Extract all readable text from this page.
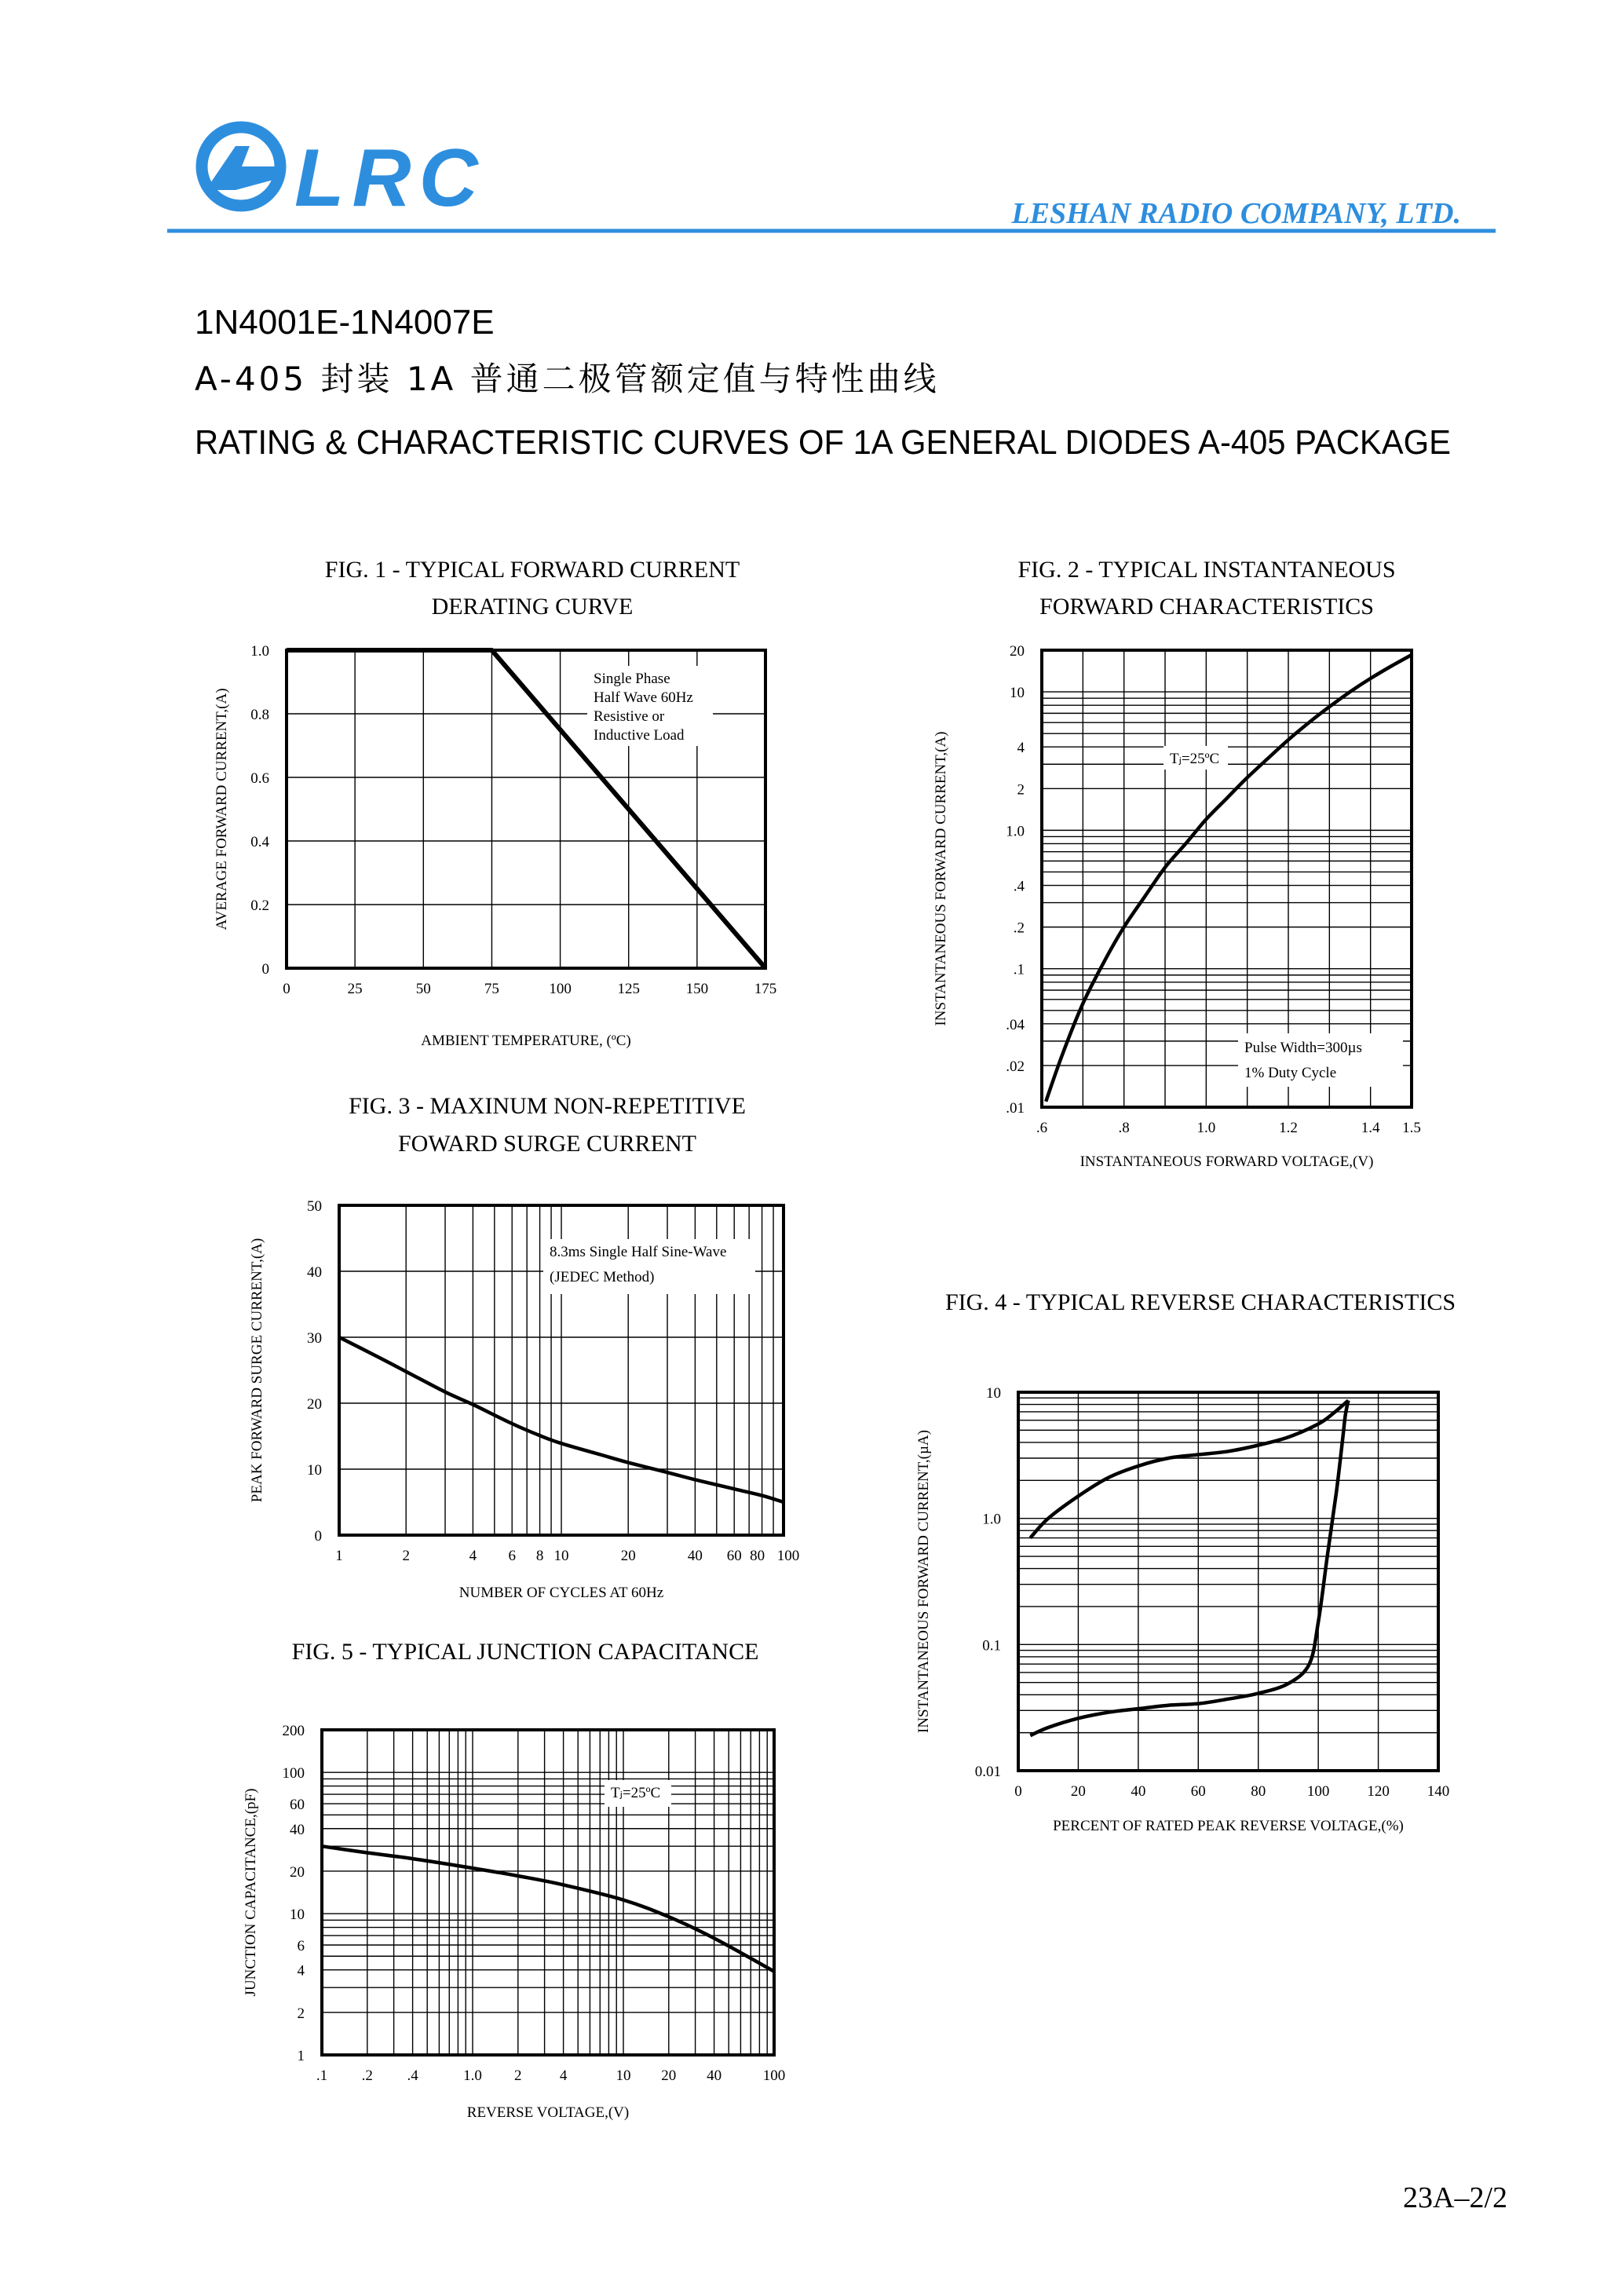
LRC	LESHAN RADIO COMPANY, LTD.
1N4001E-1N4007E
A-405 封装 1A 普通二极管额定值与特性曲线
RATING & CHARACTERISTIC CURVES OF 1A GENERAL DIODES A-405 PACKAGE
FIG. 1 - TYPICAL FORWARD CURRENT
DERATING CURVE
Single Phase
Half Wave 60Hz
Resistive or
Inductive Load
0	25	50	75	100	125	150	175
0
0.2
0.4
0.6
0.8
1.0
AMBIENT TEMPERATURE, (ºC)
AVERAGE FORWARD CURRENT,(A)
FIG. 2 - TYPICAL INSTANTANEOUS
FORWARD CHARACTERISTICS
Tⱼ=25ºC
Pulse Width=300µs
1% Duty Cycle
.6	.8	1.0	1.2	1.4 1.5
.01
.02
.04
.1
.2
.4
1.0
2
4
10
20
INSTANTANEOUS FORWARD VOLTAGE,(V)
INSTANTANEOUS FORWARD CURRENT,(A)
FIG. 3 - MAXINUM NON-REPETITIVE
FOWARD SURGE CURRENT
8.3ms Single Half Sine-Wave
(JEDEC Method)
1	2	4 6 8 10	20	40 60 80 100
0
10
20
30
40
50
NUMBER OF CYCLES AT 60Hz
PEAK FORWARD SURGE CURRENT,(A)	FIG. 4 - TYPICAL REVERSE CHARACTERISTICS
0	20	40	60	80	100	120	140
0.01
0.1
1.0
10
PERCENT OF RATED PEAK REVERSE VOLTAGE,(%)
INSTANTANEOUS FORWARD CURRENT,(µA)
FIG. 5 - TYPICAL JUNCTION CAPACITANCE
Tⱼ=25ºC
.1 .2 .4	1.0 2	4	10 20 40	100
1
2
4
6
10
20
40
60
100
200
REVERSE VOLTAGE,(V)
JUNCTION CAPACITANCE,(pF)
23A–2/2
